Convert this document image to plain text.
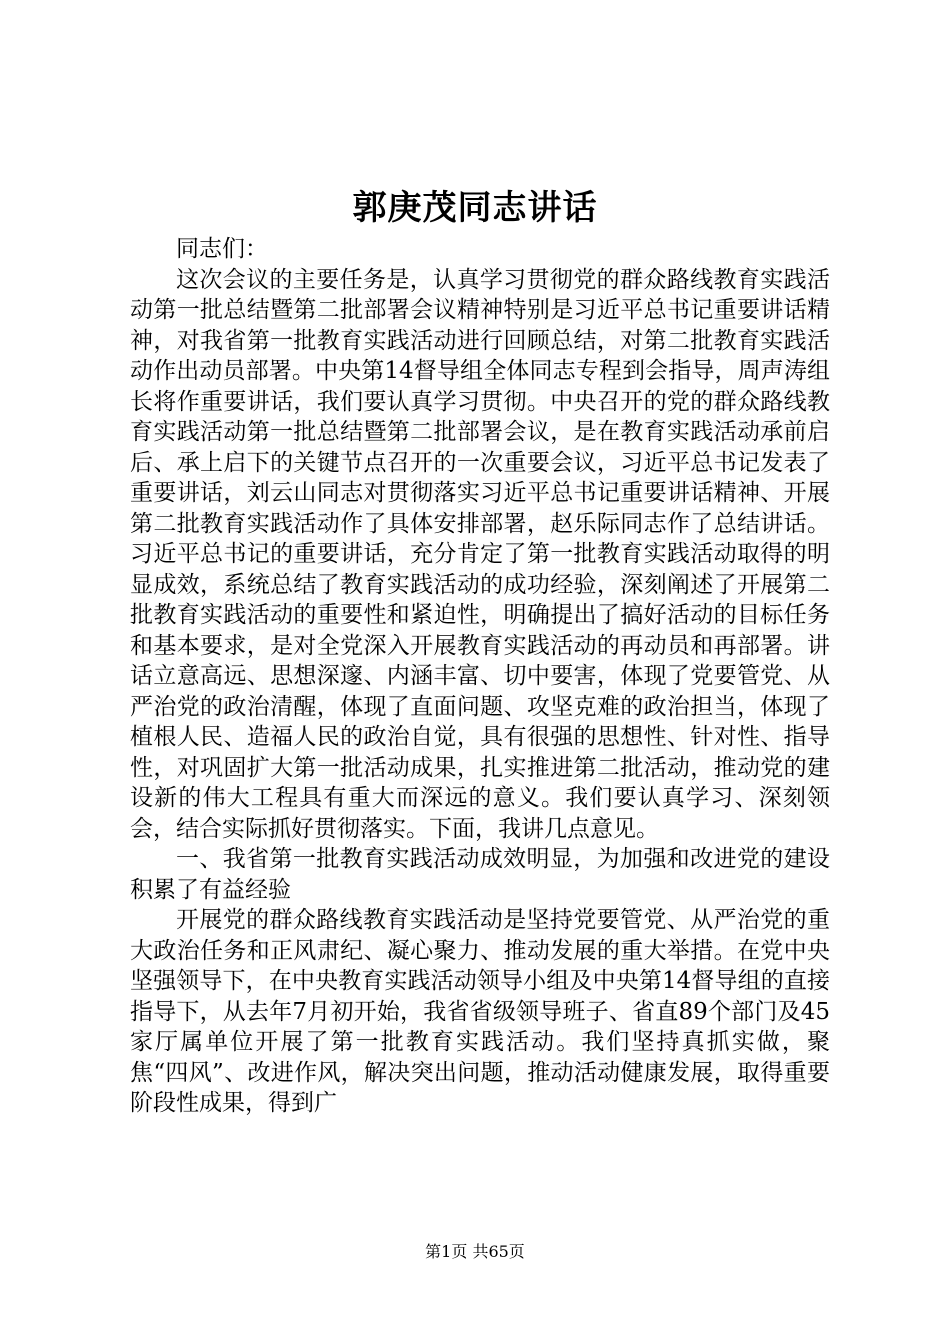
郭庚茂同志讲话

同志们：

这次会议的主要任务是，认真学习贯彻党的群众路线教育实践活动第一批总结暨第二批部署会议精神特别是习近平总书记重要讲话精神，对我省第一批教育实践活动进行回顾总结，对第二批教育实践活动作出动员部署。中央第14督导组全体同志专程到会指导，周声涛组长将作重要讲话，我们要认真学习贯彻。中央召开的党的群众路线教育实践活动第一批总结暨第二批部署会议，是在教育实践活动承前启后、承上启下的关键节点召开的一次重要会议，习近平总书记发表了重要讲话，刘云山同志对贯彻落实习近平总书记重要讲话精神、开展第二批教育实践活动作了具体安排部署，赵乐际同志作了总结讲话。习近平总书记的重要讲话，充分肯定了第一批教育实践活动取得的明显成效，系统总结了教育实践活动的成功经验，深刻阐述了开展第二批教育实践活动的重要性和紧迫性，明确提出了搞好活动的目标任务和基本要求，是对全党深入开展教育实践活动的再动员和再部署。讲话立意高远、思想深邃、内涵丰富、切中要害，体现了党要管党、从严治党的政治清醒，体现了直面问题、攻坚克难的政治担当，体现了植根人民、造福人民的政治自觉，具有很强的思想性、针对性、指导性，对巩固扩大第一批活动成果，扎实推进第二批活动，推动党的建设新的伟大工程具有重大而深远的意义。我们要认真学习、深刻领会，结合实际抓好贯彻落实。下面，我讲几点意见。

一、我省第一批教育实践活动成效明显，为加强和改进党的建设积累了有益经验

开展党的群众路线教育实践活动是坚持党要管党、从严治党的重大政治任务和正风肃纪、凝心聚力、推动发展的重大举措。在党中央坚强领导下，在中央教育实践活动领导小组及中央第14督导组的直接指导下，从去年7月初开始，我省省级领导班子、省直89个部门及45家厅属单位开展了第一批教育实践活动。我们坚持真抓实做，聚焦“四风”、改进作风，解决突出问题，推动活动健康发展，取得重要阶段性成果，得到广

第1页 共65页
